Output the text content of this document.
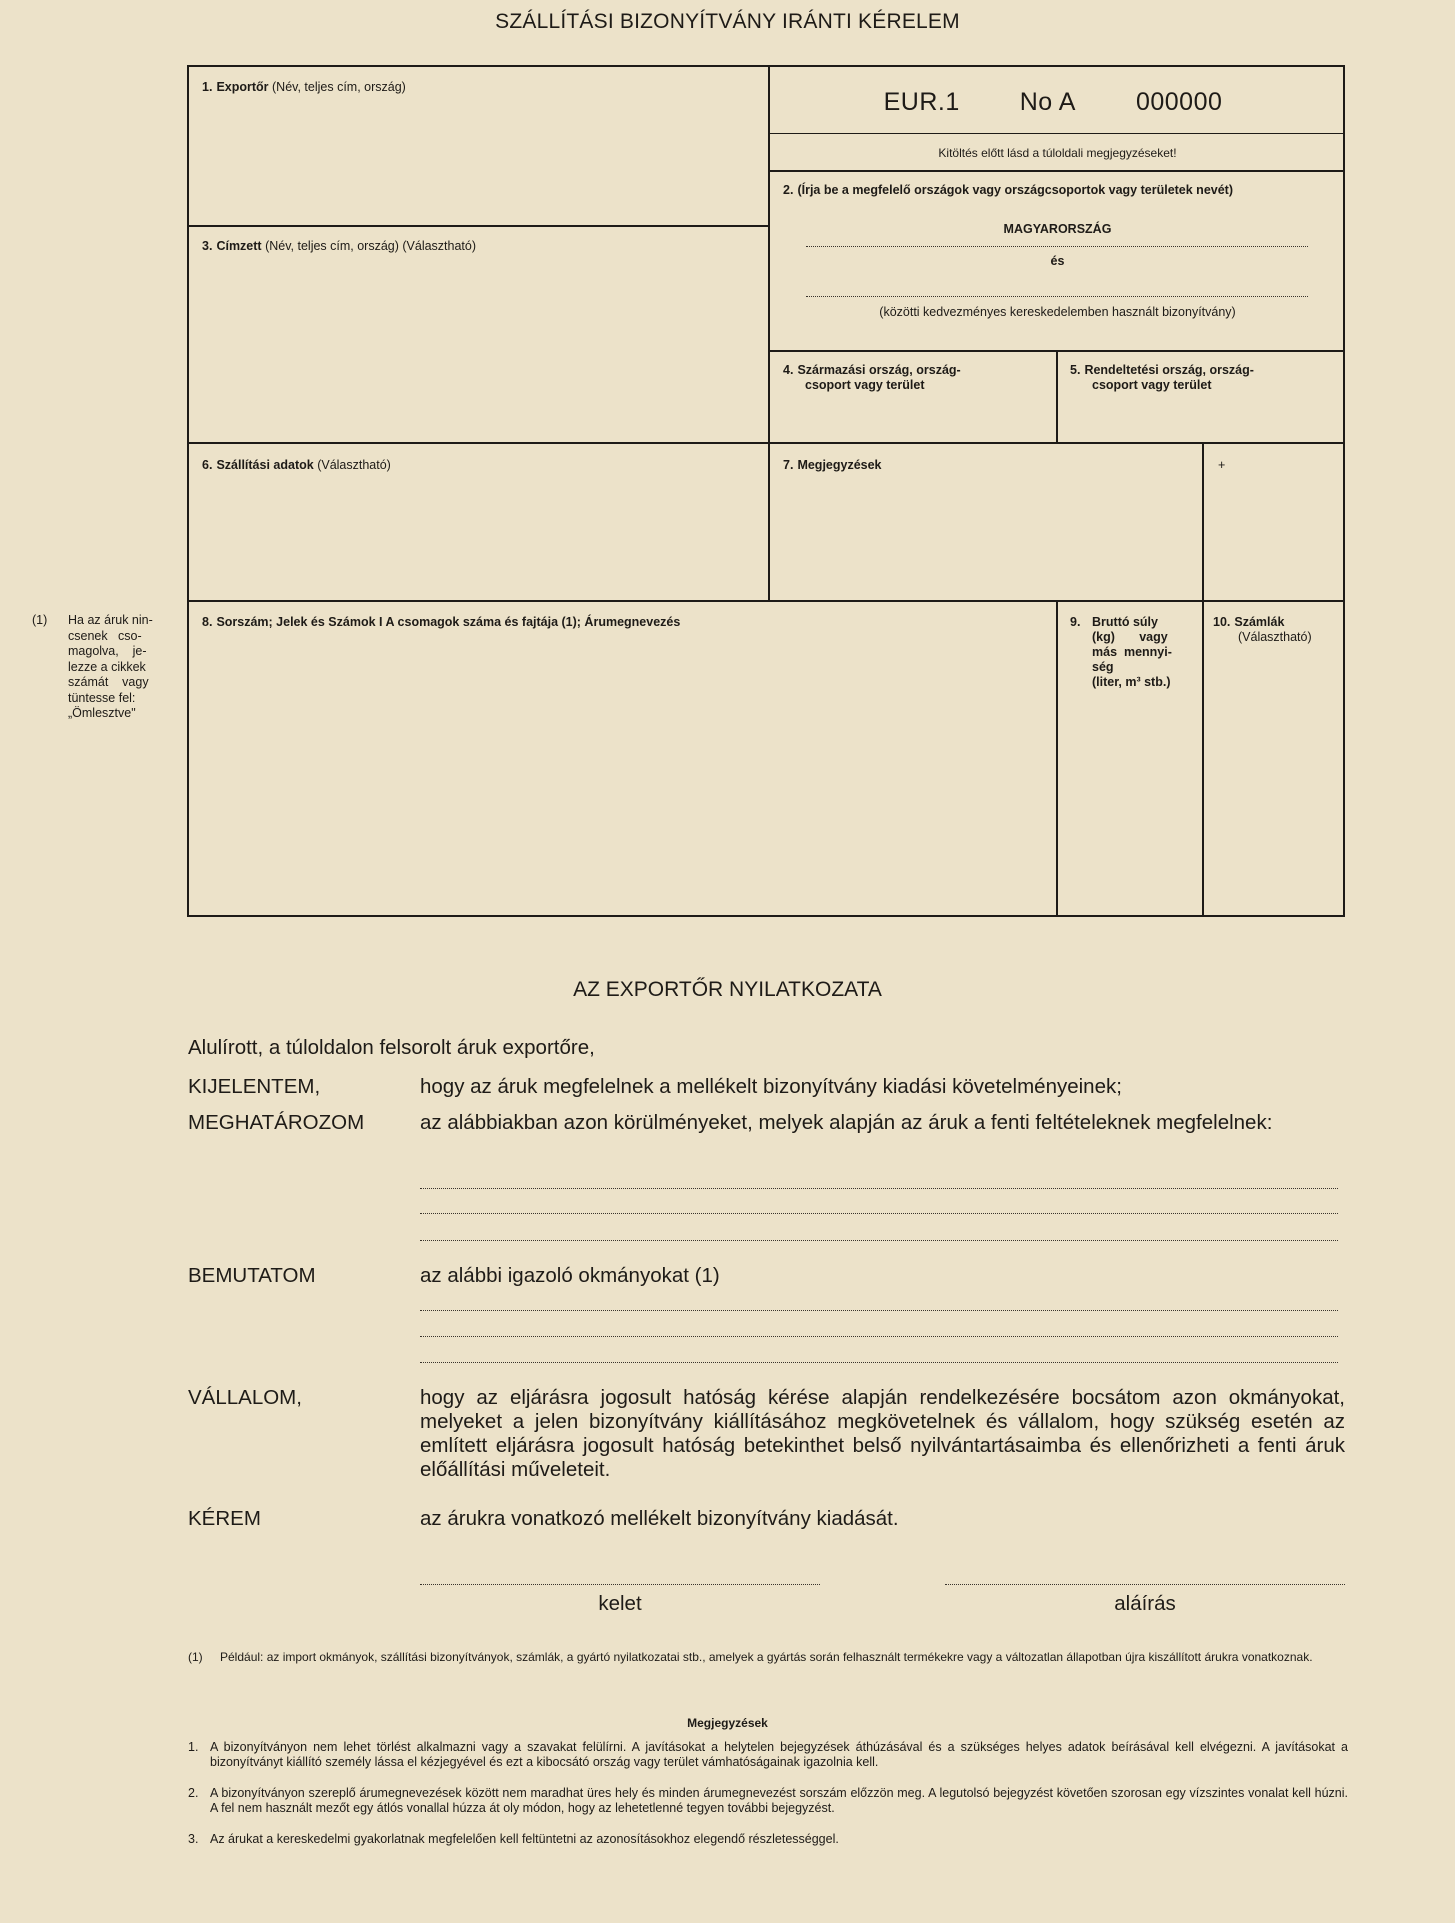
SZÁLLÍTÁSI BIZONYÍTVÁNY IRÁNTI KÉRELEM
1. Exportőr (Név, teljes cím, ország)
EUR.1 No A 000000
Kitöltés előtt lásd a túloldali megjegyzéseket!
2. (Írja be a megfelelő országok vagy országcsoportok vagy területek nevét)
MAGYARORSZÁG
és
(közötti kedvezményes kereskedelemben használt bizonyítvány)
3. Címzett (Név, teljes cím, ország) (Választható)
4. Származási ország, ország-
csoport vagy terület
5. Rendeltetési ország, ország-
csoport vagy terület
6. Szállítási adatok (Választható)	7. Megjegyzések	+
8. Sorszám; Jelek és Számok I A csomagok száma és fajtája (1); Árumegnevezés	9. Bruttó súly
(kg)       vagy
más  mennyi-
ség
(liter, m³ stb.)
10. Számlák
(Választható)
(1)	Ha az áruk nin-
csenek   cso-
magolva,    je-
lezze a cikkek
számát    vagy
tüntesse fel:
„Ömlesztve"
AZ EXPORTŐR NYILATKOZATA
Alulírott, a túloldalon felsorolt áruk exportőre,
KIJELENTEM,	hogy az áruk megfelelnek a mellékelt bizonyítvány kiadási követelményeinek;
MEGHATÁROZOM	az alábbiakban azon körülményeket, melyek alapján az áruk a fenti feltételeknek megfelelnek:
BEMUTATOM	az alábbi igazoló okmányokat (1)
VÁLLALOM,	hogy az eljárásra jogosult hatóság kérése alapján rendelkezésére bocsátom azon okmányokat, melyeket a jelen bizonyítvány kiállításához megkövetelnek és vállalom, hogy szükség esetén az említett eljárásra jogosult hatóság betekinthet belső nyilvántartásaimba és ellenőrizheti a fenti áruk előállítási műveleteit.
KÉREM	az árukra vonatkozó mellékelt bizonyítvány kiadását.
kelet	aláírás
(1) Például: az import okmányok, szállítási bizonyítványok, számlák, a gyártó nyilatkozatai stb., amelyek a gyártás során felhasznált termékekre vagy a változatlan állapotban újra kiszállított árukra vonatkoznak.
Megjegyzések
1. A bizonyítványon nem lehet törlést alkalmazni vagy a szavakat felülírni. A javításokat a helytelen bejegyzések áthúzásával és a szükséges helyes adatok beírásával kell elvégezni. A javításokat a bizonyítványt kiállító személy lássa el kézjegyével és ezt a kibocsátó ország vagy terület vámhatóságainak igazolnia kell.
2. A bizonyítványon szereplő árumegnevezések között nem maradhat üres hely és minden árumegnevezést sorszám előzzön meg. A legutolsó bejegyzést követően szorosan egy vízszintes vonalat kell húzni. A fel nem használt mezőt egy átlós vonallal húzza át oly módon, hogy az lehetetlenné tegyen további bejegyzést.
3. Az árukat a kereskedelmi gyakorlatnak megfelelően kell feltüntetni az azonosításokhoz elegendő részletességgel.
